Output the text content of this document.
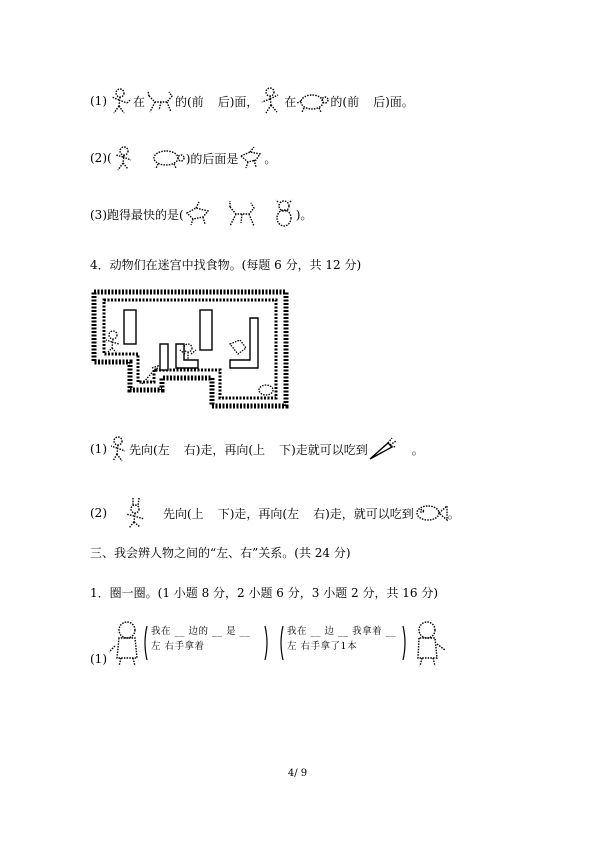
(1) 在	的(前 后)面， 在	的(前 后)面。
(2)(	)的后面是 。
(3)跑得最快的是(	)。
4．动物们在迷宫中找食物。(每题 6 分，共 12 分)
(1) 先向(左 右)走，再向(上 下)走就可以吃到	。
(2)	先向(上 下)走，再向(左 右)走，就可以吃到	。
三、我会辨人物之间的“左、右”关系。(共 24 分)
1．圈一圈。(1 小题 8 分，2 小题 6 分，3 小题 2 分，共 16 分)
(1)
我在 __ 边的 __ 是 __
左 右手拿着
我在 __ 边 __ 我拿着 __
左 右手拿了1本
4/ 9
